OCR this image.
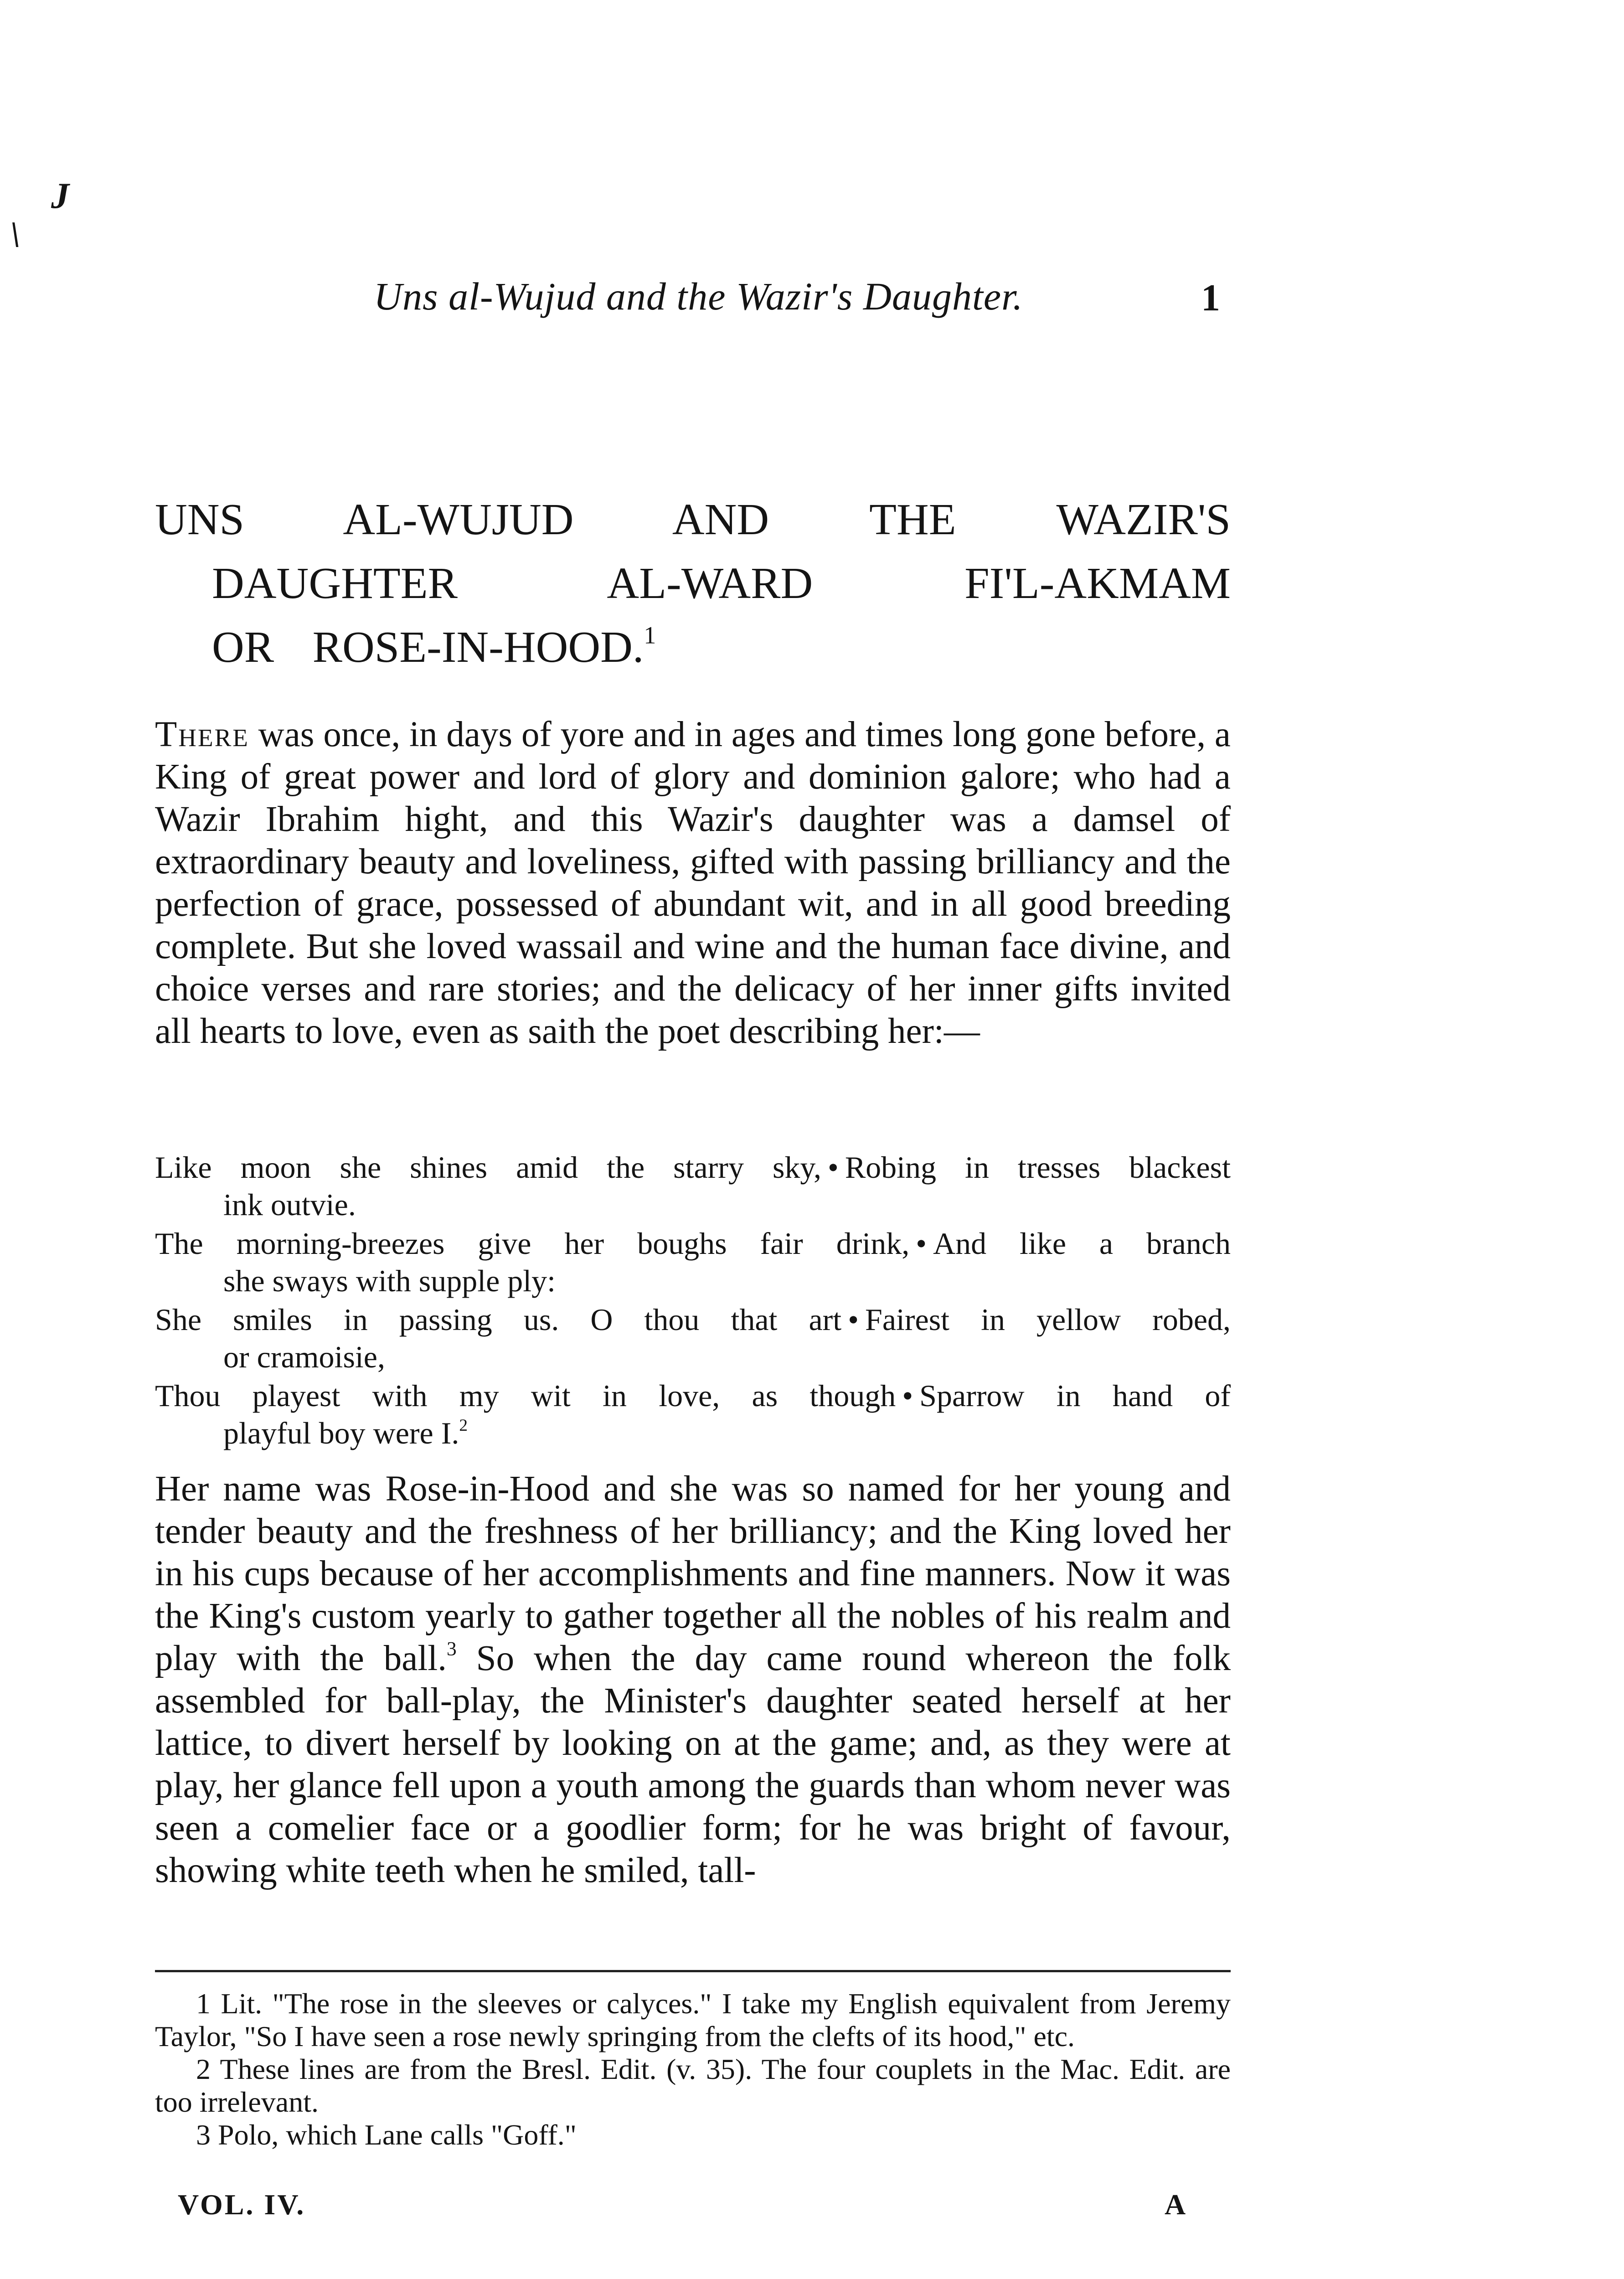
J
\
Uns al-Wujud and the Wazir's Daughter.	1
UNS AL-WUJUD AND THE WAZIR'S
DAUGHTER AL-WARD FI'L-AKMAM
OR ROSE-IN-HOOD.$^1$

There was once, in days of yore and in ages and times long gone before, a King of great power and lord of glory and dominion galore; who had a Wazir Ibrahim hight, and this Wazir's daughter was a damsel of extraordinary beauty and loveliness, gifted with passing brilliancy and the perfection of grace, possessed of abundant wit, and in all good breeding complete. But she loved wassail and wine and the human face divine, and choice verses and rare stories; and the delicacy of her inner gifts invited all hearts to love, even as saith the poet describing her:—

Like moon she shines amid the starry sky, • Robing in tresses blackest

ink outvie.

The morning-breezes give her boughs fair drink, • And like a branch

she sways with supple ply:

She smiles in passing us. O thou that art • Fairest in yellow robed,

or cramoisie,

Thou playest with my wit in love, as though • Sparrow in hand of

playful boy were I.$^2$

Her name was Rose-in-Hood and she was so named for her young and tender beauty and the freshness of her brilliancy; and the King loved her in his cups because of her accomplishments and fine manners. Now it was the King's custom yearly to gather together all the nobles of his realm and play with the ball.$^3$ So when the day came round whereon the folk assembled for ball-play, the Minister's daughter seated herself at her lattice, to divert herself by looking on at the game; and, as they were at play, her glance fell upon a youth among the guards than whom never was seen a comelier face or a goodlier form; for he was bright of favour, showing white teeth when he smiled, tall-

1 Lit. "The rose in the sleeves or calyces." I take my English equivalent from Jeremy Taylor, "So I have seen a rose newly springing from the clefts of its hood," etc.

2 These lines are from the Bresl. Edit. (v. 35). The four couplets in the Mac. Edit. are too irrelevant.

3 Polo, which Lane calls "Goff."

VOL. IV.	A
